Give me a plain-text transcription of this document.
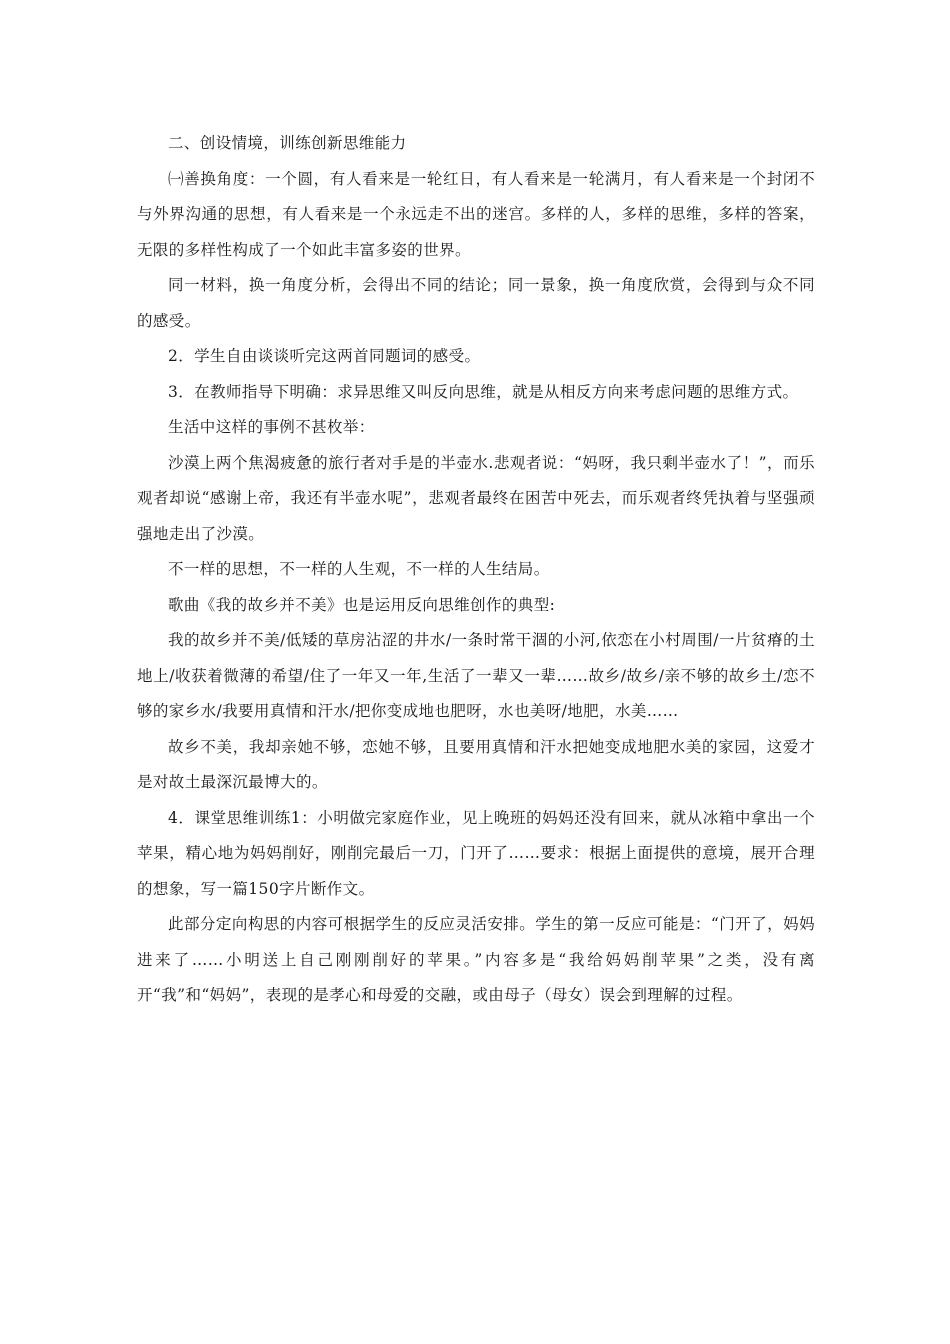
二、创设情境，训练创新思维能力

㈠善换角度：一个圆，有人看来是一轮红日，有人看来是一轮满月，有人看来是一个封闭不与外界沟通的思想，有人看来是一个永远走不出的迷宫。多样的人，多样的思维，多样的答案，无限的多样性构成了一个如此丰富多姿的世界。

同一材料，换一角度分析，会得出不同的结论；同一景象，换一角度欣赏，会得到与众不同的感受。

2．学生自由谈谈听完这两首同题词的感受。

3．在教师指导下明确：求异思维又叫反向思维，就是从相反方向来考虑问题的思维方式。

生活中这样的事例不甚枚举：

沙漠上两个焦渴疲惫的旅行者对手是的半壶水.悲观者说：“妈呀，我只剩半壶水了！”，而乐观者却说“感谢上帝，我还有半壶水呢”，悲观者最终在困苦中死去，而乐观者终凭执着与坚强顽强地走出了沙漠。

不一样的思想，不一样的人生观，不一样的人生结局。

歌曲《我的故乡并不美》也是运用反向思维创作的典型:

我的故乡并不美/低矮的草房沾涩的井水/一条时常干涸的小河,依恋在小村周围/一片贫瘠的土地上/收获着微薄的希望/住了一年又一年,生活了一辈又一辈……故乡/故乡/亲不够的故乡土/恋不够的家乡水/我要用真情和汗水/把你变成地也肥呀，水也美呀/地肥，水美……

故乡不美，我却亲她不够，恋她不够，且要用真情和汗水把她变成地肥水美的家园，这爱才是对故土最深沉最博大的。

4．课堂思维训练1：小明做完家庭作业，见上晚班的妈妈还没有回来，就从冰箱中拿出一个苹果，精心地为妈妈削好，刚削完最后一刀，门开了……要求：根据上面提供的意境，展开合理的想象，写一篇150字片断作文。

此部分定向构思的内容可根据学生的反应灵活安排。学生的第一反应可能是：“门开了，妈妈进来了……小明送上自己刚刚削好的苹果。”内容多是“我给妈妈削苹果”之类，没有离开“我”和“妈妈”，表现的是孝心和母爱的交融，或由母子（母女）误会到理解的过程。
